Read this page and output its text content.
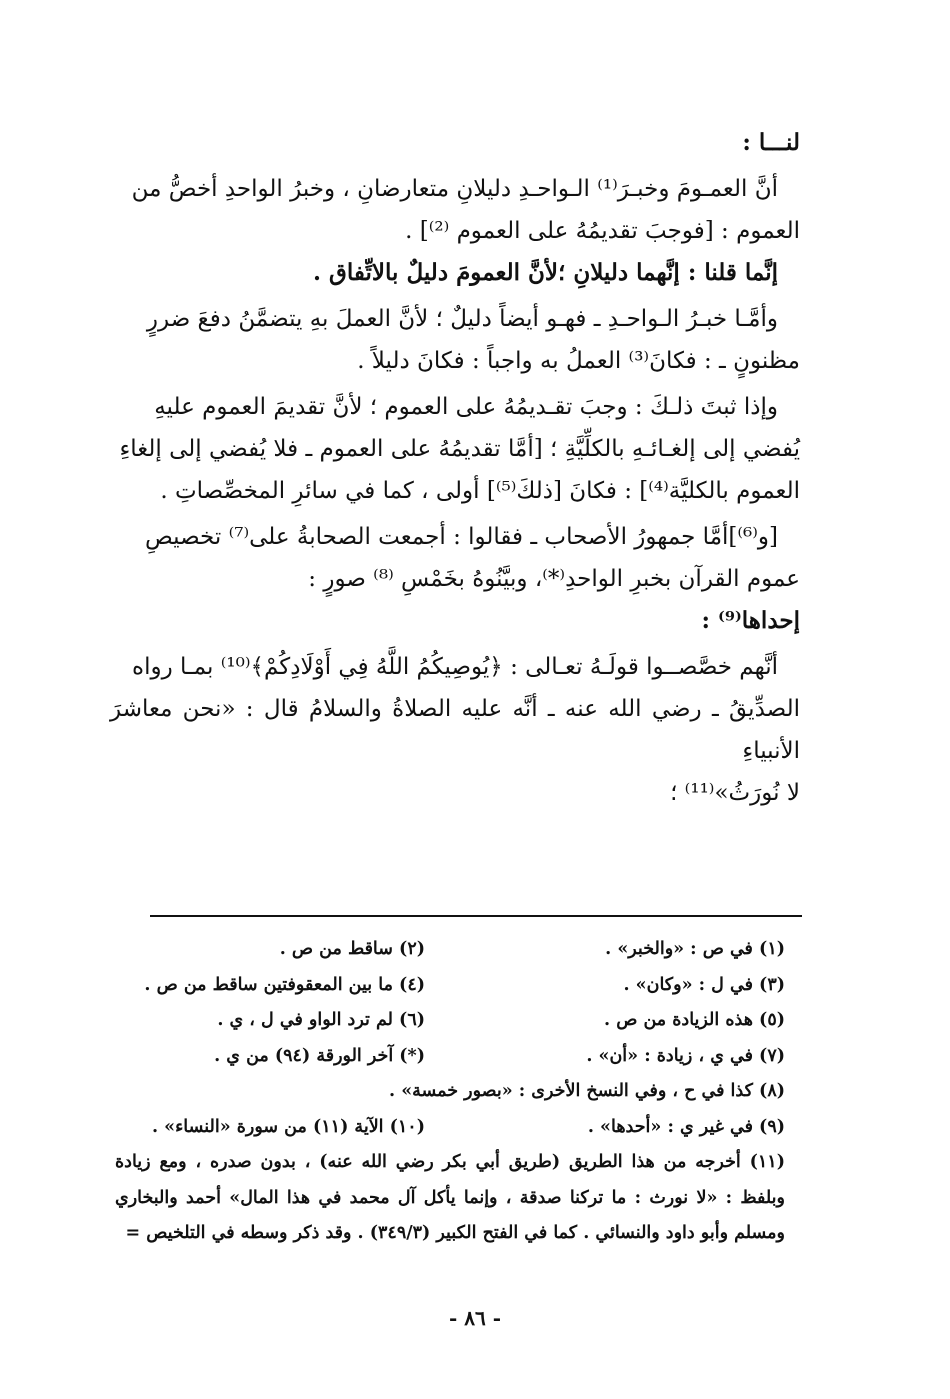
لنـــا :

أنَّ العمـومَ وخبـرَ⁽¹⁾ الـواحـدِ دليلانِ متعارضانِ ، وخبرُ الواحدِ أخصُّ من

العموم : [فوجبَ تقديمُهُ على العموم ⁽²⁾] .

إنَّما قلنا : إنَّهما دليلانِ ؛لأنَّ العمومَ دليلٌ بالاتِّفاق .

وأمَّـا خبـرُ الـواحـدِ ـ فهـو أيضاً دليلٌ ؛ لأنَّ العملَ بهِ يتضمَّنُ دفعَ ضررٍ

مظنونٍ ـ : فكانَ⁽³⁾ العملُ به واجباً : فكانَ دليلاً .

وإذا ثبتَ ذلـكَ : وجبَ تقـديمُهُ على العموم ؛ لأنَّ تقديمَ العموم عليهِ

يُفضي إلى إلغـائـهِ بالكلِّيَّةِ ؛ [أمَّا تقديمُهُ على العموم ـ فلا يُفضي إلى إلغاءِ

العموم بالكليَّة⁽⁴⁾] : فكانَ [ذلكَ⁽⁵⁾] أولى ، كما في سائرِ المخصِّصاتِ .

[و⁽⁶⁾]أمَّا جمهورُ الأصحاب ـ فقالوا : أجمعت الصحابةُ على⁽⁷⁾ تخصيصِ

عموم القرآن بخبرِ الواحدِ⁽*⁾، وبيَّنُوهُ بخَمْسِ ⁽⁸⁾ صورٍ :

إحداها⁽⁹⁾ :

أنَّهم خصَّصــوا قولَـهُ تعـالى : ﴿يُوصِيكُمُ اللَّهُ فِي أَوْلَادِكُمْ﴾⁽¹⁰⁾ بمـا رواه

الصدِّيقُ ـ رضي الله عنه ـ أنَّه عليه الصلاةُ والسلامُ قال : «نحن معاشرَ الأنبياءِ

لا نُورَثُ»⁽¹¹⁾ ؛

(١) في ص : «والخبر» .
(٢) ساقط من ص .
(٣) في ل : «وكان» .
(٤) ما بين المعقوفتين ساقط من ص .
(٥) هذه الزيادة من ص .
(٦) لم ترد الواو في ل ، ي .
(٧) في ي ، زيادة : «أن» .
(*) آخر الورقة (٩٤) من ي .
(٨) كذا في ح ، وفي النسخ الأخرى : «بصور خمسة» .
(٩) في غير ي : «أحدها» .
(١٠) الآية (١١) من سورة «النساء» .
(١١) أخرجه من هذا الطريق (طريق أبي بكر رضي الله عنه) ، بدون صدره ، ومع زيادة
وبلفظ : «لا نورث : ما تركنا صدقة ، وإنما يأكل آل محمد في هذا المال» أحمد والبخاري
ومسلم وأبو داود والنسائي . كما في الفتح الكبير (٣٤٩/٣) . وقد ذكر وسطه في التلخيص =
- ٨٦ -
